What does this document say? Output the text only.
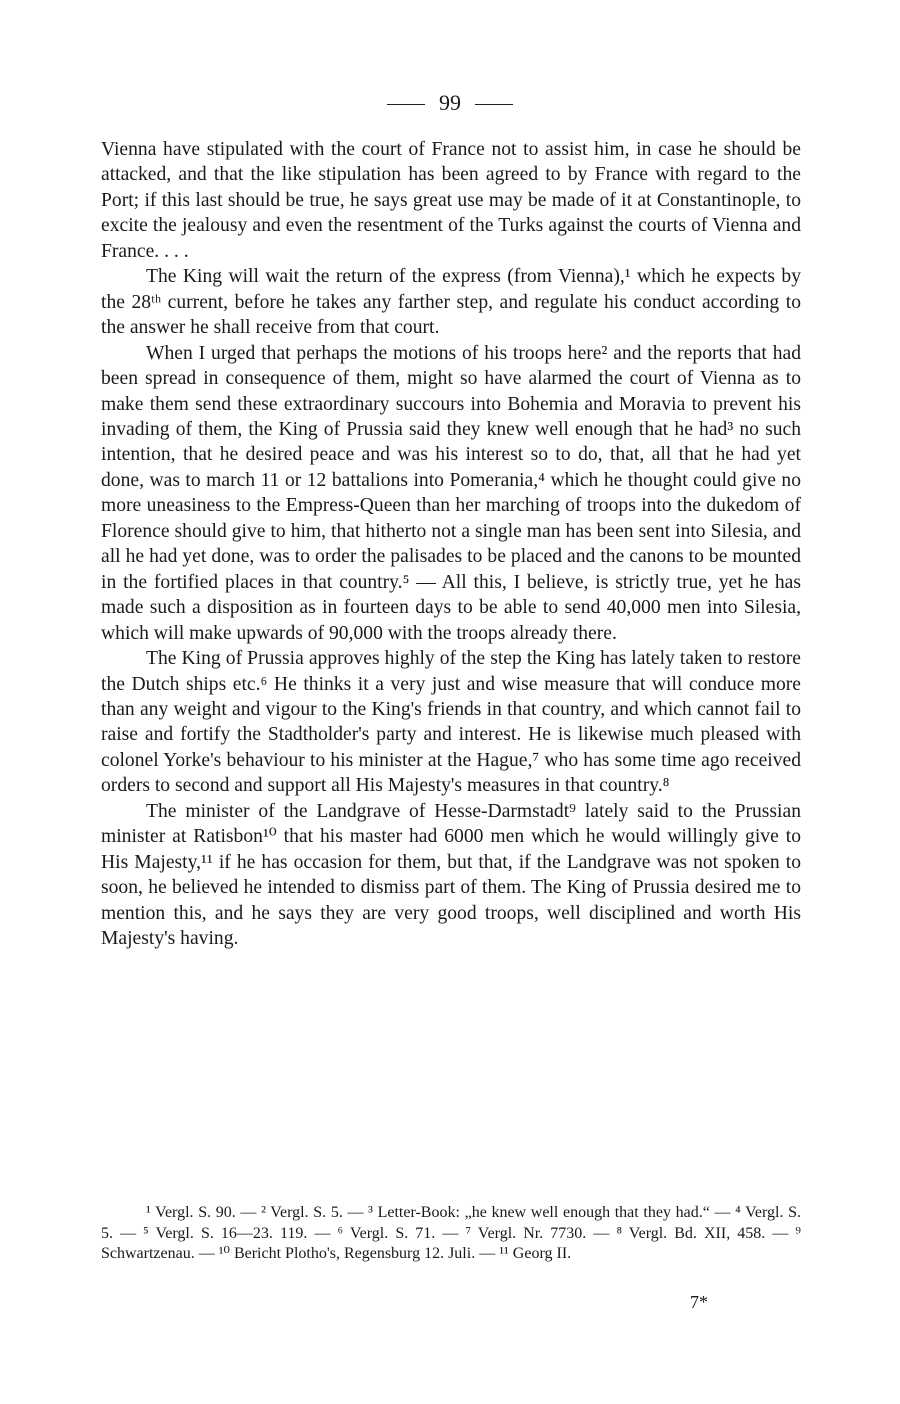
99

Vienna have stipulated with the court of France not to assist him, in case he should be attacked, and that the like stipulation has been agreed to by France with regard to the Port; if this last should be true, he says great use may be made of it at Constantinople, to excite the jealousy and even the resentment of the Turks against the courts of Vienna and France. . . .

The King will wait the return of the express (from Vienna),¹ which he expects by the 28ᵗʰ current, before he takes any farther step, and regulate his conduct according to the answer he shall receive from that court.

When I urged that perhaps the motions of his troops here² and the reports that had been spread in consequence of them, might so have alarmed the court of Vienna as to make them send these extraordinary succours into Bohemia and Moravia to prevent his invading of them, the King of Prussia said they knew well enough that he had³ no such intention, that he desired peace and was his interest so to do, that, all that he had yet done, was to march 11 or 12 battalions into Pomerania,⁴ which he thought could give no more uneasiness to the Empress-Queen than her marching of troops into the dukedom of Florence should give to him, that hitherto not a single man has been sent into Silesia, and all he had yet done, was to order the palisades to be placed and the canons to be mounted in the fortified places in that country.⁵ — All this, I believe, is strictly true, yet he has made such a disposition as in fourteen days to be able to send 40,000 men into Silesia, which will make upwards of 90,000 with the troops already there.

The King of Prussia approves highly of the step the King has lately taken to restore the Dutch ships etc.⁶ He thinks it a very just and wise measure that will conduce more than any weight and vigour to the King's friends in that country, and which cannot fail to raise and fortify the Stadtholder's party and interest. He is likewise much pleased with colonel Yorke's behaviour to his minister at the Hague,⁷ who has some time ago received orders to second and support all His Majesty's measures in that country.⁸

The minister of the Landgrave of Hesse-Darmstadt⁹ lately said to the Prussian minister at Ratisbon¹⁰ that his master had 6000 men which he would willingly give to His Majesty,¹¹ if he has occasion for them, but that, if the Landgrave was not spoken to soon, he believed he intended to dismiss part of them. The King of Prussia desired me to mention this, and he says they are very good troops, well disciplined and worth His Majesty's having.

¹ Vergl. S. 90. — ² Vergl. S. 5. — ³ Letter-Book: „he knew well enough that they had.“ — ⁴ Vergl. S. 5. — ⁵ Vergl. S. 16—23. 119. — ⁶ Vergl. S. 71. — ⁷ Vergl. Nr. 7730. — ⁸ Vergl. Bd. XII, 458. — ⁹ Schwartzenau. — ¹⁰ Bericht Plotho's, Regensburg 12. Juli. — ¹¹ Georg II.

7*
